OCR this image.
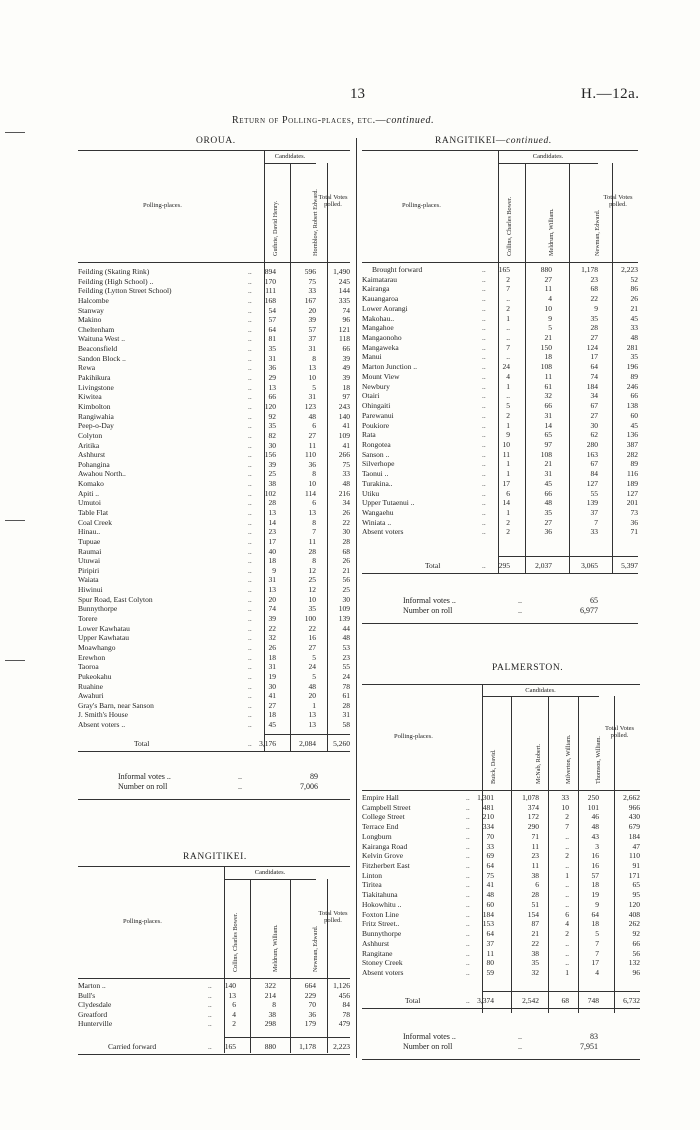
13	H.—12a.
Return of Polling-places, etc.—continued.
OROUA.
Candidates.
Polling-places.
Total Votes polled.
Guthrie, David Henry.	Hornblow, Robert Edward.
Feilding (Skating Rink)	..	894	596	1,490
Feilding (High School) ..	..	170	75	245
Feilding (Lytton Street School)	..	111	33	144
Halcombe	..	168	167	335
Stanway	..	54	20	74
Makino	..	57	39	96
Cheltenham	..	64	57	121
Waituna West ..	..	81	37	118
Beaconsfield	..	35	31	66
Sandon Block ..	..	31	8	39
Rewa	..	36	13	49
Pakihikura	..	29	10	39
Livingstone	..	13	5	18
Kiwitea	..	66	31	97
Kimbolton	..	120	123	243
Rangiwahia	..	92	48	140
Peep-o-Day	..	35	6	41
Colyton	..	82	27	109
Aritika	..	30	11	41
Ashhurst	..	156	110	266
Pohangina	..	39	36	75
Awahou North..	..	25	8	33
Komako	..	38	10	48
Apiti ..	..	102	114	216
Umutoi	..	28	6	34
Table Flat	..	13	13	26
Coal Creek	..	14	8	22
Hinau..	..	23	7	30
Tupuae	..	17	11	28
Raumai	..	40	28	68
Utuwai	..	18	8	26
Piripiri	..	9	12	21
Waiata	..	31	25	56
Hiwinui	..	13	12	25
Spur Road, East Colyton	..	20	10	30
Bunnythorpe	..	74	35	109
Torere	..	39	100	139
Lower Kawhatau	..	22	22	44
Upper Kawhatau	..	32	16	48
Moawhango	..	26	27	53
Erewhon	..	18	5	23
Taoroa	..	31	24	55
Pukeokahu	..	19	5	24
Ruahine	..	30	48	78
Awahuri	..	41	20	61
Gray's Barn, near Sanson	..	27	1	28
J. Smith's House	..	18	13	31
Absent voters ..	..	45	13	58
Total	.. 3,176	2,084	5,260
Informal votes ..	..	89
Number on roll	..	7,006
RANGITIKEI.
Candidates.
Polling-places.
Total Votes polled.
Collins, Charles Bower.	Meldrum, William.	Newman, Edward.
Marton ..	..	140	322	664	1,126
Bull's	..	13	214	229	456
Clydesdale	..	6	8	70	84
Greatford	..	4	38	36	78
Hunterville	..	2	298	179	479
Carried forward	..	165	880	1,178	2,223
RANGITIKEI—continued.
Candidates.
Polling-places.
Total Votes polled.
Collins, Charles Bower.	Meldrum, William.	Newman, Edward.
Brought forward	..	165	880	1,178	2,223
Kaimatarau	..	2	27	23	52
Kairanga	..	7	11	68	86
Kauangaroa	..	..	4	22	26
Lower Aorangi	..	2	10	9	21
Makohau..	..	1	9	35	45
Mangahoe	..	..	5	28	33
Mangaonoho	..	..	21	27	48
Mangaweka	..	7	150	124	281
Manui	..	..	18	17	35
Marton Junction ..	..	24	108	64	196
Mount View	..	4	11	74	89
Newbury	..	1	61	184	246
Otairi	..	..	32	34	66
Ohingaiti	..	5	66	67	138
Parewanui	..	2	31	27	60
Poukiore	..	1	14	30	45
Rata	..	9	65	62	136
Rongotea	..	10	97	280	387
Sanson ..	..	11	108	163	282
Silverhope	..	1	21	67	89
Taonui ..	..	1	31	84	116
Turakina..	..	17	45	127	189
Utiku	..	6	66	55	127
Upper Tutaenui ..	..	14	48	139	201
Wangaehu	..	1	35	37	73
Winiata ..	..	2	27	7	36
Absent voters	..	2	36	33	71
Total	..	295	2,037	3,065	5,397
Informal votes ..	..	65
Number on roll	..	6,977
PALMERSTON.
Candidates.
Polling-places.
Total Votes polled.
Buick, David.	McNab, Robert.	Milverton, William.	Thomson, William.
Empire Hall	.. 1,301	1,078	33	250	2,662
Campbell Street	..	481	374	10	101	966
College Street	..	210	172	2	46	430
Terrace End	..	334	290	7	48	679
Longburn	..	70	71	..	43	184
Kairanga Road	..	33	11	..	3	47
Kelvin Grove	..	69	23	2	16	110
Fitzherbert East	..	64	11	..	16	91
Linton	..	75	38	1	57	171
Tiritea	..	41	6	..	18	65
Tiakitahuna	..	48	28	..	19	95
Hokowhitu ..	..	60	51	..	9	120
Foxton Line	..	184	154	6	64	408
Fritz Street..	..	153	87	4	18	262
Bunnythorpe	..	64	21	2	5	92
Ashhurst	..	37	22	..	7	66
Rangitane	..	11	38	..	7	56
Stoney Creek	..	80	35	..	17	132
Absent voters	..	59	32	1	4	96
Total	.. 3,374	2,542	68	748	6,732
Informal votes ..	..	83
Number on roll	..	7,951
